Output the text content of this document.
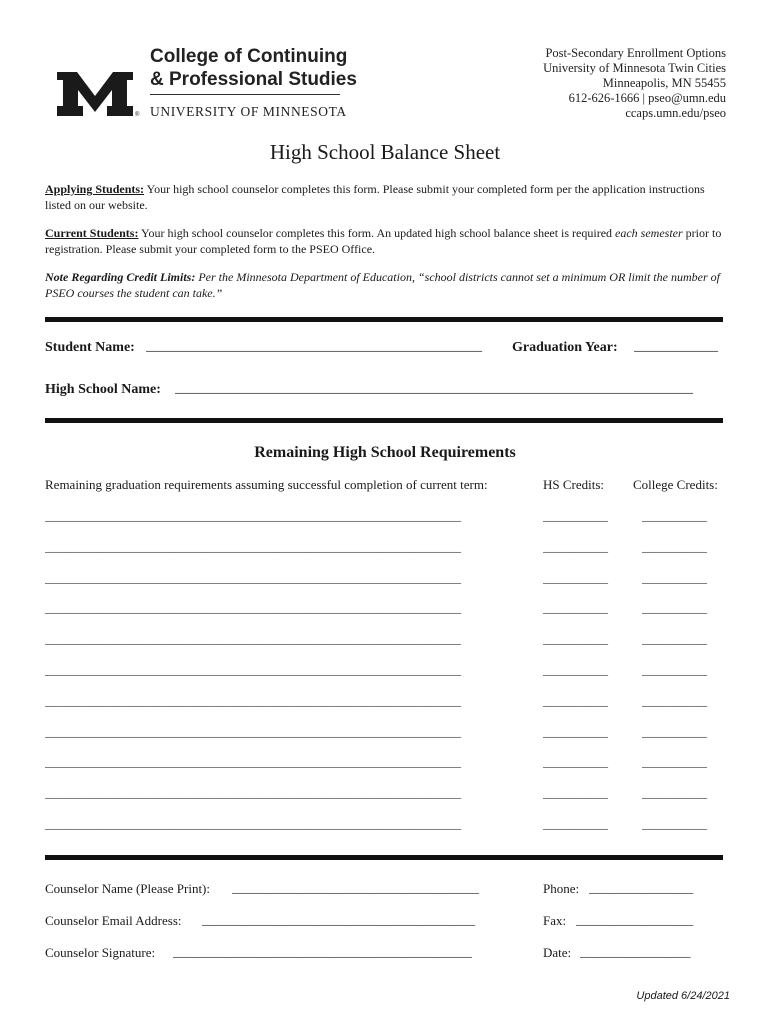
®
College of Continuing
& Professional Studies
UNIVERSITY OF MINNESOTA
Post-Secondary Enrollment Options
University of Minnesota Twin Cities
Minneapolis, MN 55455
612-626-1666 | pseo@umn.edu
ccaps.umn.edu/pseo
High School Balance Sheet
Applying Students: Your high school counselor completes this form. Please submit your completed form per the application instructions listed on our website.
Current Students: Your high school counselor completes this form. An updated high school balance sheet is required each semester prior to registration. Please submit your completed form to the PSEO Office.
Note Regarding Credit Limits: Per the Minnesota Department of Education, “school districts cannot set a minimum OR limit the number of PSEO courses the student can take.”
Student Name: ________________________________________________	Graduation Year: ____________
High School Name: __________________________________________________________________________
Remaining High School Requirements
Remaining graduation requirements assuming successful completion of current term:	HS Credits: College Credits:
________________________________________________________________	__________	__________
________________________________________________________________	__________	__________
________________________________________________________________	__________	__________
________________________________________________________________	__________	__________
________________________________________________________________	__________	__________
________________________________________________________________	__________	__________
________________________________________________________________	__________	__________
________________________________________________________________	__________	__________
________________________________________________________________	__________	__________
________________________________________________________________	__________	__________
________________________________________________________________	__________	__________
Counselor Name (Please Print): ______________________________________	Phone: ________________
Counselor Email Address: __________________________________________	Fax: __________________
Counselor Signature: ______________________________________________	Date: _________________
Updated 6/24/2021
